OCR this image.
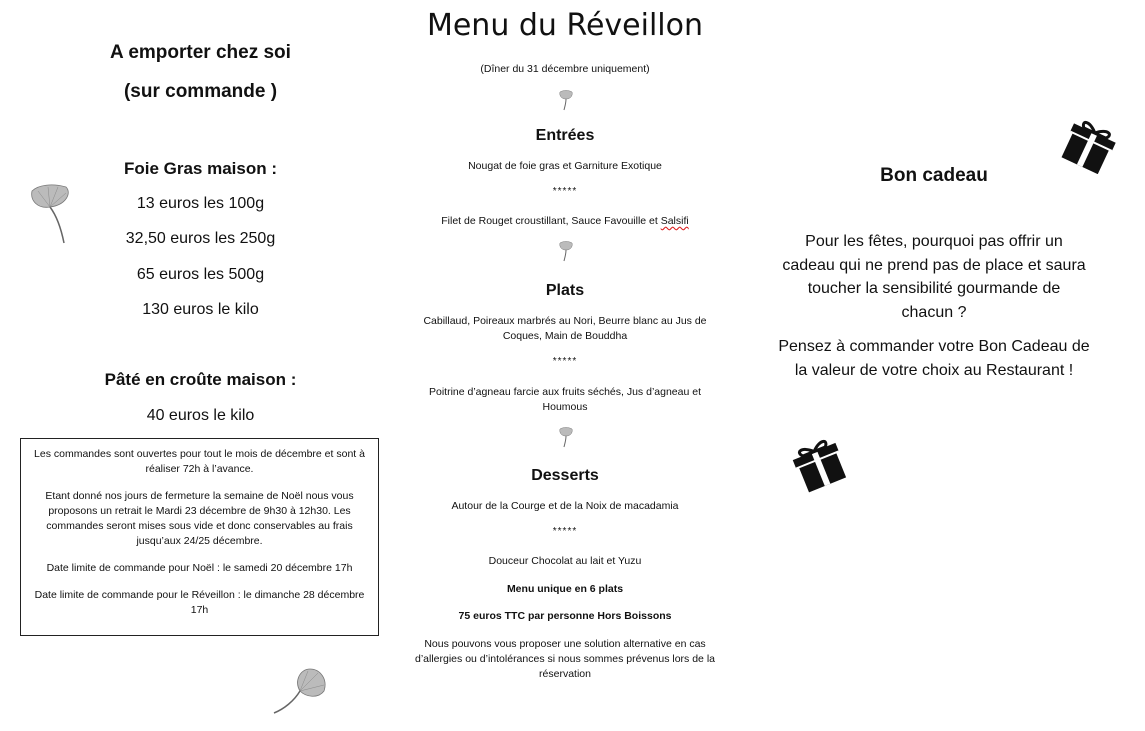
A emporter chez soi
(sur commande )
Foie Gras maison :
13 euros les 100g
32,50 euros les 250g
65 euros les 500g
130 euros le kilo
Pâté en croûte maison :
40 euros le kilo

Les commandes sont ouvertes pour tout le mois de décembre et sont à réaliser 72h à l’avance.

Etant donné nos jours de fermeture la semaine de Noël nous vous proposons un retrait le Mardi 23 décembre de 9h30 à 12h30. Les commandes seront mises sous vide et donc conservables au frais jusqu’aux 24/25 décembre.

Date limite de commande pour Noël : le samedi 20 décembre 17h

Date limite de commande pour le Réveillon : le dimanche 28 décembre 17h

Menu du Réveillon
(Dîner du 31 décembre uniquement)
Entrées
Nougat de foie gras et Garniture Exotique
*****
Filet de Rouget croustillant, Sauce Favouille et Salsifi
Plats
Cabillaud, Poireaux marbrés au Nori, Beurre blanc au Jus de Coques, Main de Bouddha
*****
Poitrine d’agneau farcie aux fruits séchés, Jus d’agneau et Houmous
Desserts
Autour de la Courge et de la Noix de macadamia
*****
Douceur Chocolat au lait et Yuzu
Menu unique en 6 plats
75 euros TTC par personne Hors Boissons
Nous pouvons vous proposer une solution alternative en cas d’allergies ou d’intolérances si nous sommes prévenus lors de la réservation
Bon cadeau
Pour les fêtes, pourquoi pas offrir un cadeau qui ne prend pas de place et saura toucher la sensibilité gourmande de chacun ?
Pensez à commander votre Bon Cadeau de la valeur de votre choix au Restaurant !
